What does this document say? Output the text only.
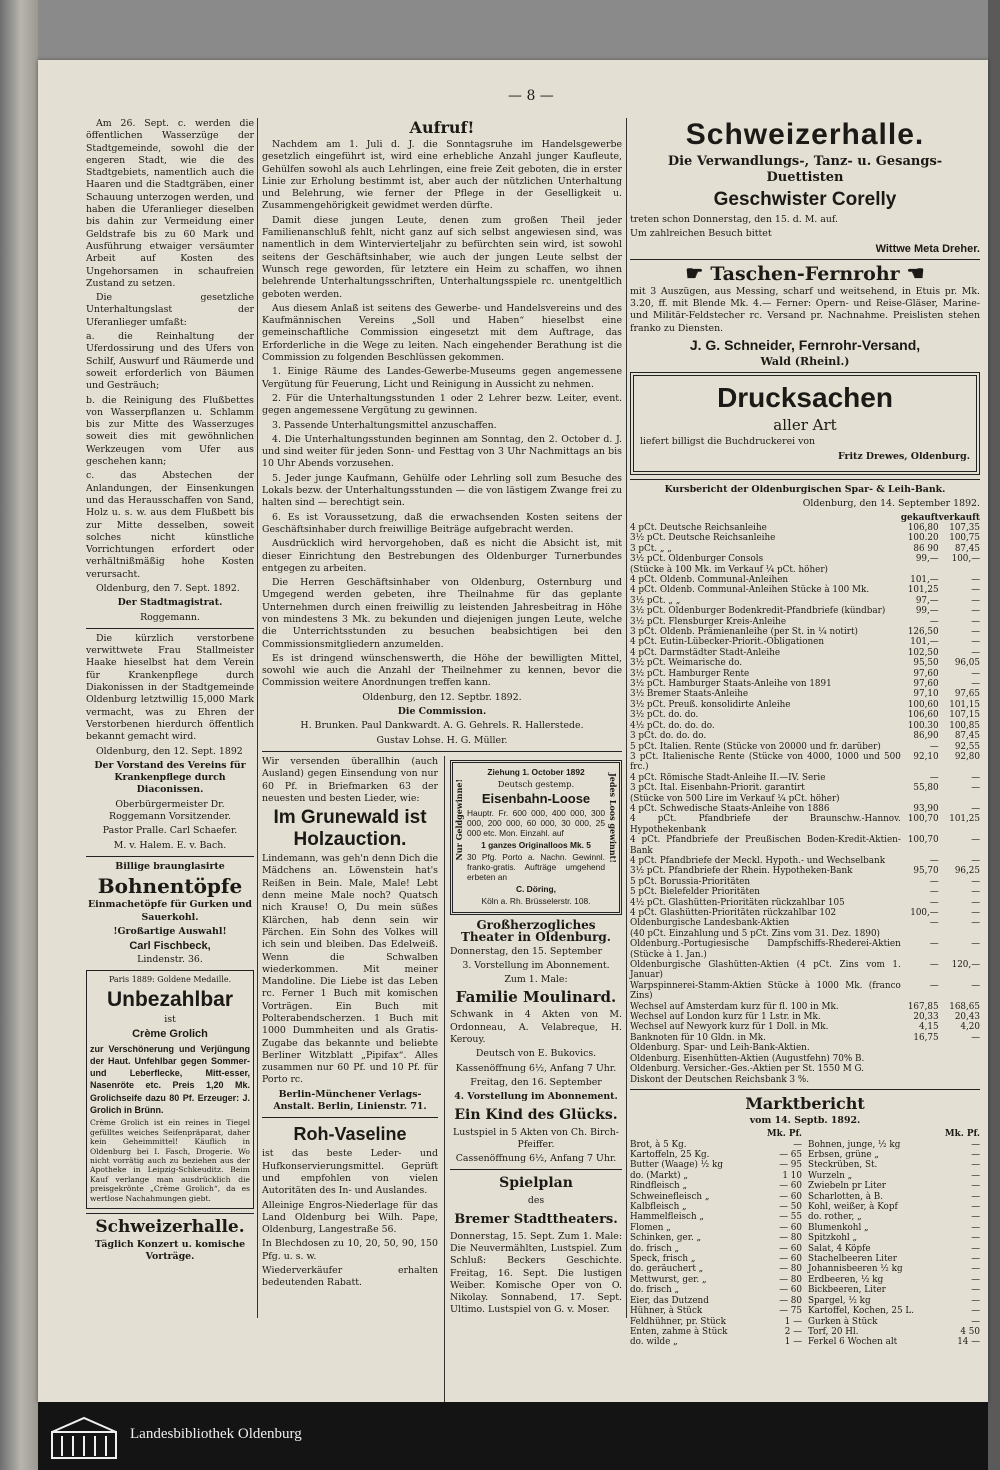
— 8 —

Am 26. Sept. c. werden die öffentlichen Wasserzüge der Stadtgemeinde, sowohl die der engeren Stadt, wie die des Stadtgebiets, namentlich auch die Haaren und die Stadtgräben, einer Schauung unterzogen werden, und haben die Uferanlieger dieselben bis dahin zur Vermeidung einer Geldstrafe bis zu 60 Mark und Ausführung etwaiger versäumter Arbeit auf Kosten des Ungehorsamen in schaufreien Zustand zu setzen.

Die gesetzliche Unterhaltungslast der Uferanlieger umfaßt:

a. die Reinhaltung der Uferdossirung und des Ufers von Schilf, Auswurf und Räumerde und soweit erforderlich von Bäumen und Gesträuch;

b. die Reinigung des Flußbettes von Wasserpflanzen u. Schlamm bis zur Mitte des Wasserzuges soweit dies mit gewöhnlichen Werkzeugen vom Ufer aus geschehen kann;

c. das Abstechen der Anlandungen, der Einsenkungen und das Herausschaffen von Sand, Holz u. s. w. aus dem Flußbett bis zur Mitte desselben, soweit solches nicht künstliche Vorrichtungen erfordert oder verhältnißmäßig hohe Kosten verursacht.

Oldenburg, den 7. Sept. 1892.

Der Stadtmagistrat.

Roggemann.

Die kürzlich verstorbene verwittwete Frau Stallmeister Haake hieselbst hat dem Verein für Krankenpflege durch Diakonissen in der Stadtgemeinde Oldenburg letztwillig 15,000 Mark vermacht, was zu Ehren der Verstorbenen hierdurch öffentlich bekannt gemacht wird.

Oldenburg, den 12. Sept. 1892

Der Vorstand des Vereins für Krankenpflege durch Diaconissen.

Oberbürgermeister Dr. Roggemann Vorsitzender.

Pastor Pralle. Carl Schaefer.

M. v. Halem. E. v. Bach.

Billige braunglasirte

Bohnentöpfe

Einmachetöpfe für Gurken und Sauerkohl.

!Großartige Auswahl!

Carl Fischbeck,

Lindenstr. 36.

Paris 1889: Goldene Medaille.

Unbezahlbar

ist

Crème Grolich

zur Verschönerung und Verjüngung der Haut. Unfehlbar gegen Sommer- und Leberflecke, Mitt-esser, Nasenröte etc. Preis 1,20 Mk. Grolichseife dazu 80 Pf. Erzeuger: J. Grolich in Brünn.

Crème Grolich ist ein reines in Tiegel gefülltes weiches Seifenpräparat, daher kein Geheimmittel! Käuflich in Oldenburg bei I. Fasch, Drogerie. Wo nicht vorrätig auch zu beziehen aus der Apotheke in Leipzig-Schkeuditz. Beim Kauf verlange man ausdrücklich die preisgekrönte „Crème Grolich“, da es wertlose Nachahmungen giebt.

Schweizerhalle.

Täglich Konzert u. komische Vorträge.

Aufruf!

Nachdem am 1. Juli d. J. die Sonntagsruhe im Handelsgewerbe gesetzlich eingeführt ist, wird eine erhebliche Anzahl junger Kaufleute, Gehülfen sowohl als auch Lehrlingen, eine freie Zeit geboten, die in erster Linie zur Erholung bestimmt ist, aber auch der nützlichen Unterhaltung und Belehrung, wie ferner der Pflege in der Geselligkeit u. Zusammengehörigkeit gewidmet werden dürfte.

Damit diese jungen Leute, denen zum großen Theil jeder Familienanschluß fehlt, nicht ganz auf sich selbst angewiesen sind, was namentlich in dem Wintervierteljahr zu befürchten sein wird, ist sowohl seitens der Geschäftsinhaber, wie auch der jungen Leute selbst der Wunsch rege geworden, für letztere ein Heim zu schaffen, wo ihnen belehrende Unterhaltungsschriften, Unterhaltungsspiele rc. unentgeltlich geboten werden.

Aus diesem Anlaß ist seitens des Gewerbe- und Handelsvereins und des Kaufmännischen Vereins „Soll und Haben“ hieselbst eine gemeinschaftliche Commission eingesetzt mit dem Auftrage, das Erforderliche in die Wege zu leiten. Nach eingehender Berathung ist die Commission zu folgenden Beschlüssen gekommen.

1. Einige Räume des Landes-Gewerbe-Museums gegen angemessene Vergütung für Feuerung, Licht und Reinigung in Aussicht zu nehmen.

2. Für die Unterhaltungsstunden 1 oder 2 Lehrer bezw. Leiter, event. gegen angemessene Vergütung zu gewinnen.

3. Passende Unterhaltungsmittel anzuschaffen.

4. Die Unterhaltungsstunden beginnen am Sonntag, den 2. October d. J. und sind weiter für jeden Sonn- und Festtag von 3 Uhr Nachmittags an bis 10 Uhr Abends vorzusehen.

5. Jeder junge Kaufmann, Gehülfe oder Lehrling soll zum Besuche des Lokals bezw. der Unterhaltungsstunden — die von lästigem Zwange frei zu halten sind — berechtigt sein.

6. Es ist Voraussetzung, daß die erwachsenden Kosten seitens der Geschäftsinhaber durch freiwillige Beiträge aufgebracht werden.

Ausdrücklich wird hervorgehoben, daß es nicht die Absicht ist, mit dieser Einrichtung den Bestrebungen des Oldenburger Turnerbundes entgegen zu arbeiten.

Die Herren Geschäftsinhaber von Oldenburg, Osternburg und Umgegend werden gebeten, ihre Theilnahme für das geplante Unternehmen durch einen freiwillig zu leistenden Jahresbeitrag in Höhe von mindestens 3 Mk. zu bekunden und diejenigen jungen Leute, welche die Unterrichtsstunden zu besuchen beabsichtigen bei den Commissionsmitgliedern anzumelden.

Es ist dringend wünschenswerth, die Höhe der bewilligten Mittel, sowohl wie auch die Anzahl der Theilnehmer zu kennen, bevor die Commission weitere Anordnungen treffen kann.

Oldenburg, den 12. Septbr. 1892.

Die Commission.

H. Brunken. Paul Dankwardt. A. G. Gehrels. R. Hallerstede.

Gustav Lohse. H. G. Müller.

Wir versenden überallhin (auch Ausland) gegen Einsendung von nur 60 Pf. in Briefmarken 63 der neuesten und besten Lieder, wie:

Im Grunewald ist Holzauction.

Lindemann, was geh'n denn Dich die Mädchens an. Löwenstein hat's Reißen in Bein. Male, Male! Lebt denn meine Male noch? Quatsch nich Krause! O, Du mein süßes Klärchen, hab denn sein wir Pärchen. Ein Sohn des Volkes will ich sein und bleiben. Das Edelweiß. Wenn die Schwalben wiederkommen. Mit meiner Mandoline. Die Liebe ist das Leben rc. Ferner 1 Buch mit komischen Vorträgen. Ein Buch mit Polterabendscherzen. 1 Buch mit 1000 Dummheiten und als Gratis-Zugabe das bekannte und beliebte Berliner Witzblatt „Pipifax“. Alles zusammen nur 60 Pf. und 10 Pf. für Porto rc.

Berlin-Münchener Verlags-Anstalt. Berlin, Linienstr. 71.

Roh-Vaseline

ist das beste Leder- und Hufkonservierungsmittel. Geprüft und empfohlen von vielen Autoritäten des In- und Auslandes.

Alleinige Engros-Niederlage für das Land Oldenburg bei Wilh. Pape, Oldenburg, Langestraße 56.

In Blechdosen zu 10, 20, 50, 90, 150 Pfg. u. s. w.

Wiederverkäufer erhalten bedeutenden Rabatt.

Nur Geldgewinne!	Jedes Loos gewinnt!

Ziehung 1. October 1892

Deutsch gestemp.

Eisenbahn-Loose

Hauptr. Fr. 600 000, 400 000, 300 000, 200 000, 60 000, 30 000, 25 000 etc. Mon. Einzahl. auf

1 ganzes Originalloos Mk. 5

30 Pfg. Porto a. Nachn. Gewinnl. franko-gratis. Aufträge umgehend erbeten an

C. Döring,

Köln a. Rh. Brüsselerstr. 108.

Großherzogliches Theater in Oldenburg.

Donnerstag, den 15. September

3. Vorstellung im Abonnement.

Zum 1. Male:

Familie Moulinard.

Schwank in 4 Akten von M. Ordonneau, A. Velabreque, H. Kerouy.

Deutsch von E. Bukovics.

Kassenöffnung 6½, Anfang 7 Uhr.

Freitag, den 16. September

4. Vorstellung im Abonnement.

Ein Kind des Glücks.

Lustspiel in 5 Akten von Ch. Birch-Pfeiffer.

Cassenöffnung 6½, Anfang 7 Uhr.

Spielplan

des

Bremer Stadttheaters.

Donnerstag, 15. Sept. Zum 1. Male: Die Neuvermählten, Lustspiel. Zum Schluß: Beckers Geschichte. Freitag, 16. Sept. Die lustigen Weiber. Komische Oper von O. Nikolay. Sonnabend, 17. Sept. Ultimo. Lustspiel von G. v. Moser.

Schweizerhalle.

Die Verwandlungs-, Tanz- u. Gesangs-Duettisten

Geschwister Corelly

treten schon Donnerstag, den 15. d. M. auf.

Um zahlreichen Besuch bittet

Wittwe Meta Dreher.

☛ Taschen-Fernrohr ☚

mit 3 Auszügen, aus Messing, scharf und weitsehend, in Etuis pr. Mk. 3.20, ff. mit Blende Mk. 4.— Ferner: Opern- und Reise-Gläser, Marine- und Militär-Feldstecher rc. Versand pr. Nachnahme. Preislisten stehen franko zu Diensten.

J. G. Schneider, Fernrohr-Versand,

Wald (Rheinl.)

Drucksachen

aller Art

liefert billigst die Buchdruckerei von

Fritz Drewes, Oldenburg.

Kursbericht der Oldenburgischen Spar- & Leih-Bank.

Oldenburg, den 14. September 1892.

	gekauft	verkauft
4 pCt. Deutsche Reichsanleihe	106,80	107,35
3½ pCt. Deutsche Reichsanleihe	100.20	100,75
3 pCt. „ „	86 90	87,45
3½ pCt. Oldenburger Consols	99,—	100,—
(Stücke à 100 Mk. im Verkauf ¼ pCt. höher)		
4 pCt. Oldenb. Communal-Anleihen	101,—	—
4 pCt. Oldenb. Communal-Anleihen Stücke à 100 Mk.	101,25	—
3½ pCt. „ „	97,—	—
3½ pCt. Oldenburger Bodenkredit-Pfandbriefe (kündbar)	99,—	—
3½ pCt. Flensburger Kreis-Anleihe	—	—
3 pCt. Oldenb. Prämienanleihe (per St. in ¼ notirt)	126,50	—
4 pCt. Eutin-Lübecker-Priorit.-Obligationen	101,—	—
4 pCt. Darmstädter Stadt-Anleihe	102,50	—
3½ pCt. Weimarische do.	95,50	96,05
3½ pCt. Hamburger Rente	97,60	—
3½ pCt. Hamburger Staats-Anleihe von 1891	97,60	—
3½ Bremer Staats-Anleihe	97,10	97,65
3½ pCt. Preuß. konsolidirte Anleihe	100,60	101,15
3½ pCt. do. do.	106,60	107,15
4½ pCt. do. do. do.	100.30	100,85
3 pCt. do. do. do.	86,90	87,45
5 pCt. Italien. Rente (Stücke von 20000 und fr. darüber)	—	92,55
3 pCt. Italienische Rente (Stücke von 4000, 1000 und 500 frc.)	92,10	92,80
4 pCt. Römische Stadt-Anleihe II.—IV. Serie	—	—
3 pCt. Ital. Eisenbahn-Priorit. garantirt	55,80	—
(Stücke von 500 Lire im Verkauf ¼ pCt. höher)		
4 pCt. Schwedische Staats-Anleihe von 1886	93,90	—
4 pCt. Pfandbriefe der Braunschw.-Hannov. Hypothekenbank	100,70	101,25
4 pCt. Pfandbriefe der Preußischen Boden-Kredit-Aktien-Bank	100,70	—
4 pCt. Pfandbriefe der Meckl. Hypoth.- und Wechselbank	—	—
3½ pCt. Pfandbriefe der Rhein. Hypotheken-Bank	95,70	96,25
5 pCt. Borussia-Prioritäten	—	—
5 pCt. Bielefelder Prioritäten	—	—
4½ pCt. Glashütten-Prioritäten rückzahlbar 105	—	—
4 pCt. Glashütten-Prioritäten rückzahlbar 102	100,—	—
Oldenburgische Landesbank-Aktien	—	—
(40 pCt. Einzahlung und 5 pCt. Zins vom 31. Dez. 1890)		
Oldenburg.-Portugiesische Dampfschiffs-Rhederei-Aktien (Stücke à 1. Jan.)	—	—
Oldenburgische Glashütten-Aktien (4 pCt. Zins vom 1. Januar)	—	120,—
Warpspinnerei-Stamm-Aktien Stücke à 1000 Mk. (franco Zins)	—	—
Wechsel auf Amsterdam kurz für fl. 100 in Mk.	167,85	168,65
Wechsel auf London kurz für 1 Lstr. in Mk.	20,33	20,43
Wechsel auf Newyork kurz für 1 Doll. in Mk.	4,15	4,20
Banknoten für 10 Gldn. in Mk.	16,75	—
Oldenburg. Spar- und Leih-Bank-Aktien.		
Oldenburg. Eisenhütten-Aktien (Augustfehn) 70% B.		
Oldenburg. Versicher.-Ges.-Aktien per St. 1550 M G.		
Diskont der Deutschen Reichsbank 3 %.		

Marktbericht

vom 14. Septb. 1892.

	Mk. Pf.
Brot, à 5 Kg.	—
Kartoffeln, 25 Kg.	— 65
Butter (Waage) ½ kg	— 95
do. (Markt) „	1 10
Rindfleisch „	— 60
Schweinefleisch „	— 60
Kalbfleisch „	— 50
Hammelfleisch „	— 55
Flomen „	— 60
Schinken, ger. „	— 80
do. frisch „	— 60
Speck, frisch „	— 60
do. geräuchert „	— 80
Mettwurst, ger. „	— 80
do. frisch „	— 60
Eier, das Dutzend	— 80
Hühner, à Stück	— 75
Feldhühner, pr. Stück	1 —
Enten, zahme à Stück	2 —
do. wilde „	1 —
	Mk. Pf.
Bohnen, junge, ½ kg	—
Erbsen, grüne „	—
Steckrüben, St.	—
Wurzeln „	—
Zwiebeln pr Liter	—
Scharlotten, à B.	—
Kohl, weißer, à Kopf	—
do. rother, „	—
Blumenkohl „	—
Spitzkohl „	—
Salat, 4 Köpfe	—
Stachelbeeren Liter	—
Johannisbeeren ½ kg	—
Erdbeeren, ½ kg	—
Bickbeeren, Liter	—
Spargel, ½ kg	—
Kartoffel, Kochen, 25 L.	—
Gurken à Stück	—
Torf, 20 Hl.	4 50
Ferkel 6 Wochen alt	14 —
Landesbibliothek Oldenburg
